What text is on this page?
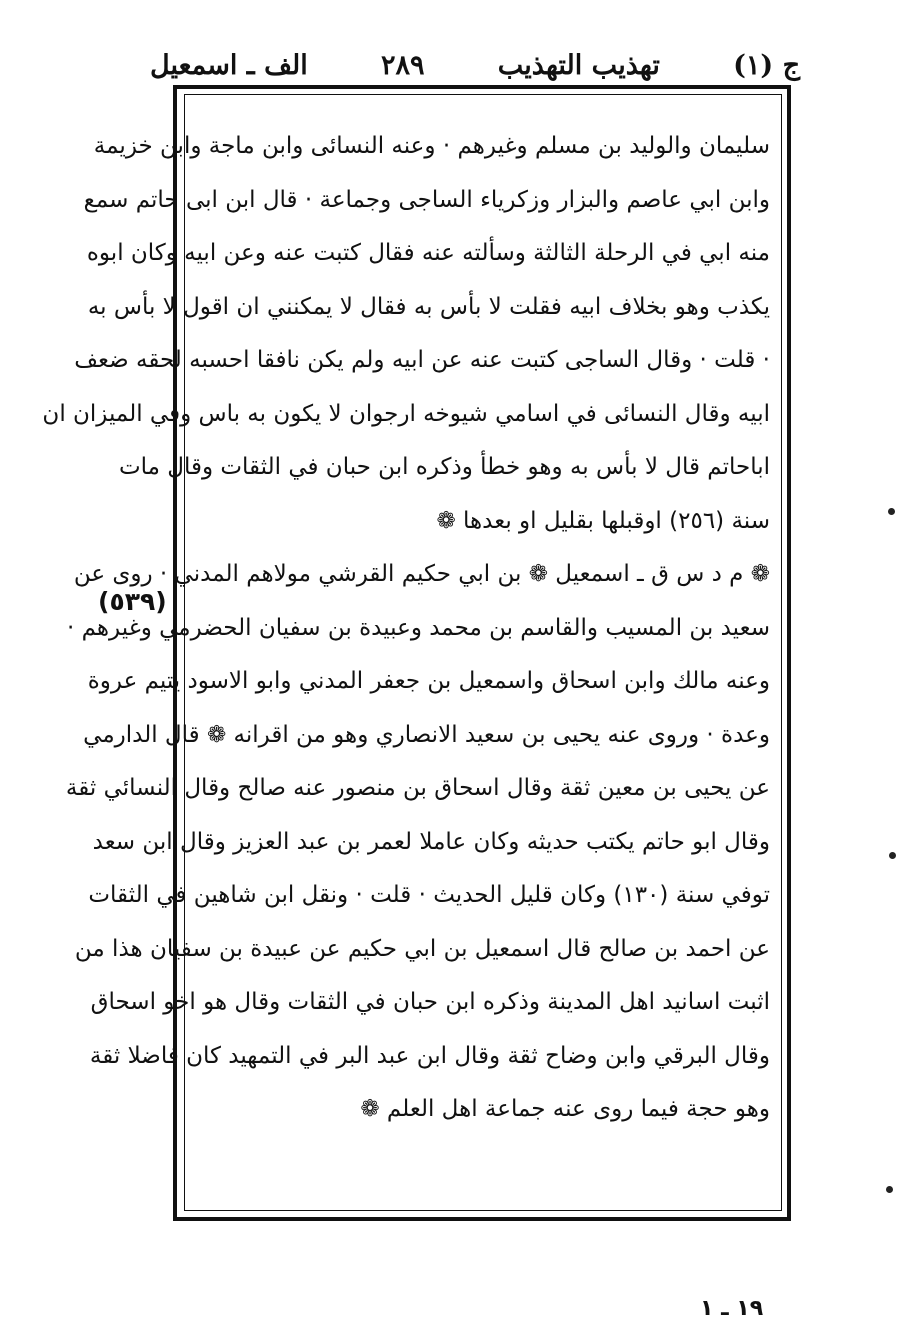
ج (١)
تهذيب التهذيب
٢٨٩
الف ـ اسمعيل
سليمان والوليد بن مسلم وغيرهم · وعنه النسائى وابن ماجة وابن خزيمة
وابن ابي عاصم والبزار وزكرياء الساجى وجماعة · قال ابن ابى حاتم سمع
منه ابي في الرحلة الثالثة وسألته عنه فقال كتبت عنه وعن ابيه وكان ابوه
يكذب وهو بخلاف ابيه فقلت لا بأس به فقال لا يمكنني ان اقول لا بأس به
· قلت · وقال الساجى كتبت عنه عن ابيه ولم يكن نافقا احسبه لحقه ضعف
ابيه وقال النسائى في اسامي شيوخه ارجوان لا يكون به باس وفي الميزان ان
اباحاتم قال لا بأس به وهو خطأ وذكره ابن حبان في الثقات وقال مات
سنة (٢٥٦) اوقبلها بقليل او بعدها ❁
❁ م د س ق ـ اسمعيل ❁ بن ابي حكيم القرشي مولاهم المدني · روى عن
سعيد بن المسيب والقاسم بن محمد وعبيدة بن سفيان الحضرمي وغيرهم ·
وعنه مالك وابن اسحاق واسمعيل بن جعفر المدني وابو الاسود يتيم عروة
وعدة · وروى عنه يحيى بن سعيد الانصاري وهو من اقرانه ❁ قال الدارمي
عن يحيى بن معين ثقة وقال اسحاق بن منصور عنه صالح وقال النسائي ثقة
وقال ابو حاتم يكتب حديثه وكان عاملا لعمر بن عبد العزيز وقال ابن سعد
توفي سنة (١٣٠) وكان قليل الحديث · قلت · ونقل ابن شاهين في الثقات
عن احمد بن صالح قال اسمعيل بن ابي حكيم عن عبيدة بن سفيان هذا من
اثبت اسانيد اهل المدينة وذكره ابن حبان في الثقات وقال هو اخو اسحاق
وقال البرقي وابن وضاح ثقة وقال ابن عبد البر في التمهيد كان فاضلا ثقة
وهو حجة فيما روى عنه جماعة اهل العلم ❁
(٥٣٩)
١٩ ـ ١
